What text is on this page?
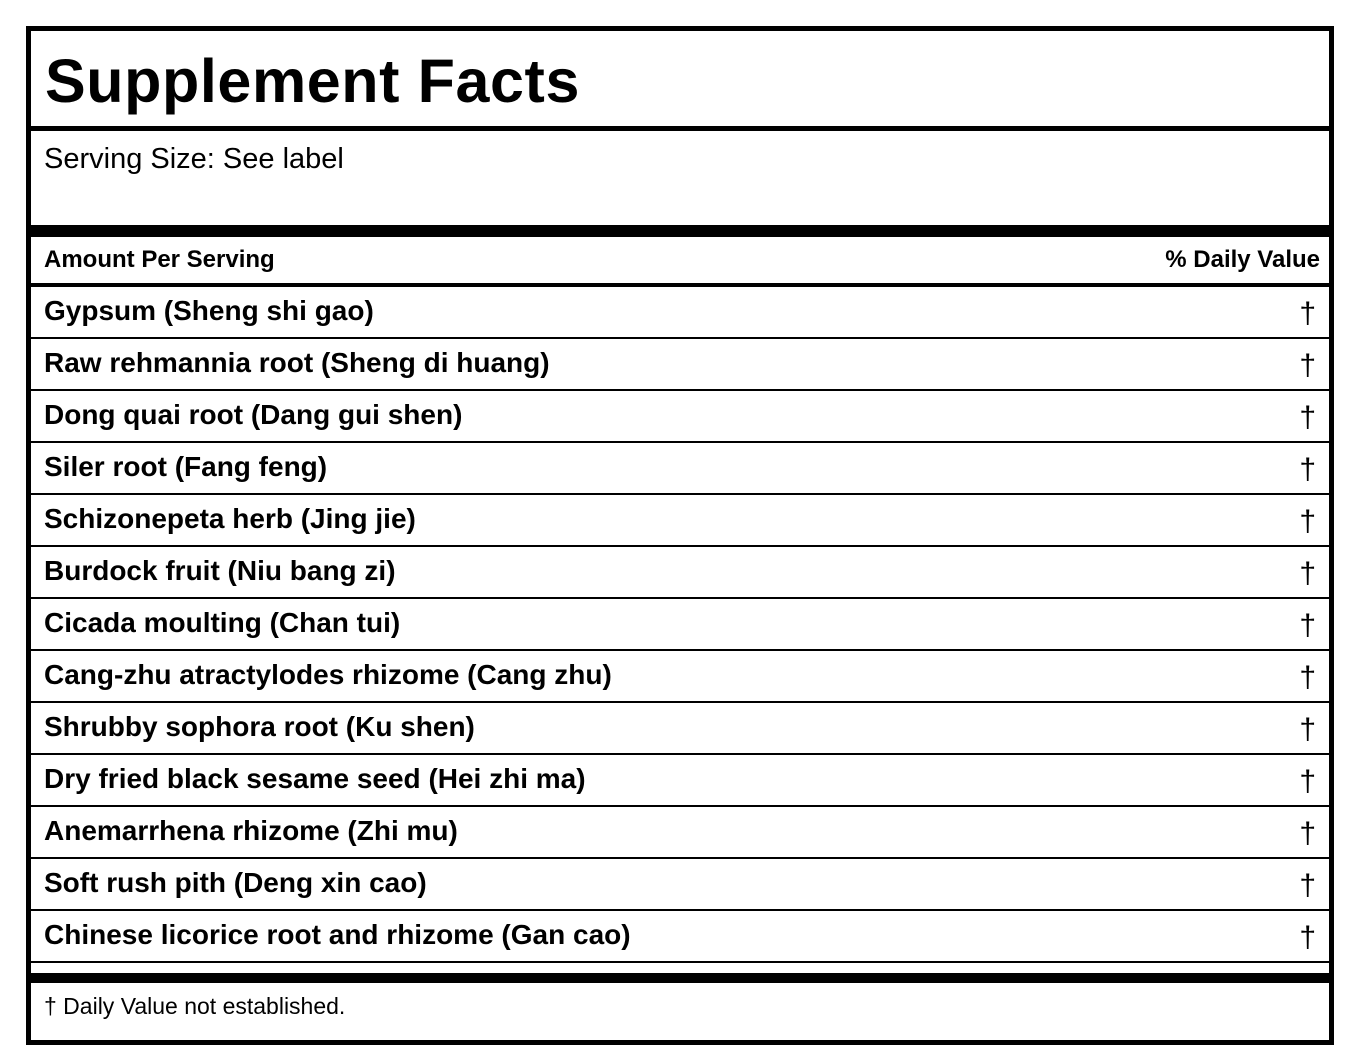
Supplement Facts
Serving Size: See label
Amount Per Serving	% Daily Value
Gypsum (Sheng shi gao)	†
Raw rehmannia root (Sheng di huang)	†
Dong quai root (Dang gui shen)	†
Siler root (Fang feng)	†
Schizonepeta herb (Jing jie)	†
Burdock fruit (Niu bang zi)	†
Cicada moulting (Chan tui)	†
Cang-zhu atractylodes rhizome (Cang zhu)	†
Shrubby sophora root (Ku shen)	†
Dry fried black sesame seed (Hei zhi ma)	†
Anemarrhena rhizome (Zhi mu)	†
Soft rush pith (Deng xin cao)	†
Chinese licorice root and rhizome (Gan cao)	†
† Daily Value not established.
